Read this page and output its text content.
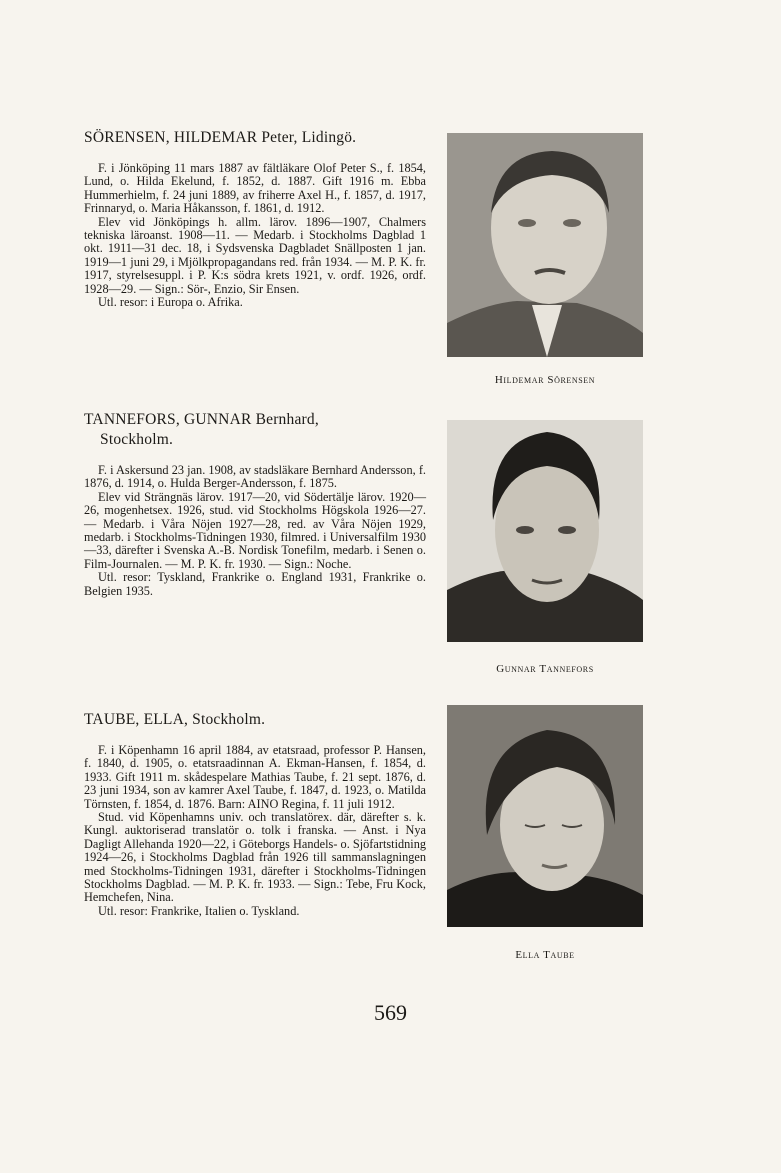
SÖRENSEN, HILDEMAR Peter, Lidingö.

F. i Jönköping 11 mars 1887 av fältläkare Olof Peter S., f. 1854, Lund, o. Hilda Ekelund, f. 1852, d. 1887. Gift 1916 m. Ebba Hummerhielm, f. 24 juni 1889, av friherre Axel H., f. 1857, d. 1917, Frinnaryd, o. Maria Håkansson, f. 1861, d. 1912.

Elev vid Jönköpings h. allm. lärov. 1896—1907, Chalmers tekniska läroanst. 1908—11. — Medarb. i Stockholms Dagblad 1 okt. 1911—31 dec. 18, i Sydsvenska Dagbladet Snällposten 1 jan. 1919—1 juni 29, i Mjölkpropagandans red. från 1934. — M. P. K. fr. 1917, styrelsesuppl. i P. K:s södra krets 1921, v. ordf. 1926, ordf. 1928—29. — Sign.: Sör-, Enzio, Sir Ensen.

Utl. resor: i Europa o. Afrika.

Hildemar Sörensen
TANNEFORS, GUNNAR Bernhard,
Stockholm.

F. i Askersund 23 jan. 1908, av stadsläkare Bernhard Andersson, f. 1876, d. 1914, o. Hulda Berger-Andersson, f. 1875.

Elev vid Strängnäs lärov. 1917—20, vid Södertälje lärov. 1920—26, mogenhetsex. 1926, stud. vid Stockholms Högskola 1926—27. — Medarb. i Våra Nöjen 1927—28, red. av Våra Nöjen 1929, medarb. i Stockholms-Tidningen 1930, filmred. i Universalfilm 1930—33, därefter i Svenska A.-B. Nordisk Tonefilm, medarb. i Senen o. Film-Journalen. — M. P. K. fr. 1930. — Sign.: Noche.

Utl. resor: Tyskland, Frankrike o. England 1931, Frankrike o. Belgien 1935.

Gunnar Tannefors
TAUBE, ELLA, Stockholm.

F. i Köpenhamn 16 april 1884, av etatsraad, professor P. Hansen, f. 1840, d. 1905, o. etatsraadinnan A. Ekman-Hansen, f. 1854, d. 1933. Gift 1911 m. skådespelare Mathias Taube, f. 21 sept. 1876, d. 23 juni 1934, son av kamrer Axel Taube, f. 1847, d. 1923, o. Matilda Törnsten, f. 1854, d. 1876. Barn: AINO Regina, f. 11 juli 1912.

Stud. vid Köpenhamns univ. och translatörex. där, därefter s. k. Kungl. auktoriserad translatör o. tolk i franska. — Anst. i Nya Dagligt Allehanda 1920—22, i Göteborgs Handels- o. Sjöfartstidning 1924—26, i Stockholms Dagblad från 1926 till sammanslagningen med Stockholms-Tidningen 1931, därefter i Stockholms-Tidningen Stockholms Dagblad. — M. P. K. fr. 1933. — Sign.: Tebe, Fru Kock, Hemchefen, Nina.

Utl. resor: Frankrike, Italien o. Tyskland.

Ella Taube
569
